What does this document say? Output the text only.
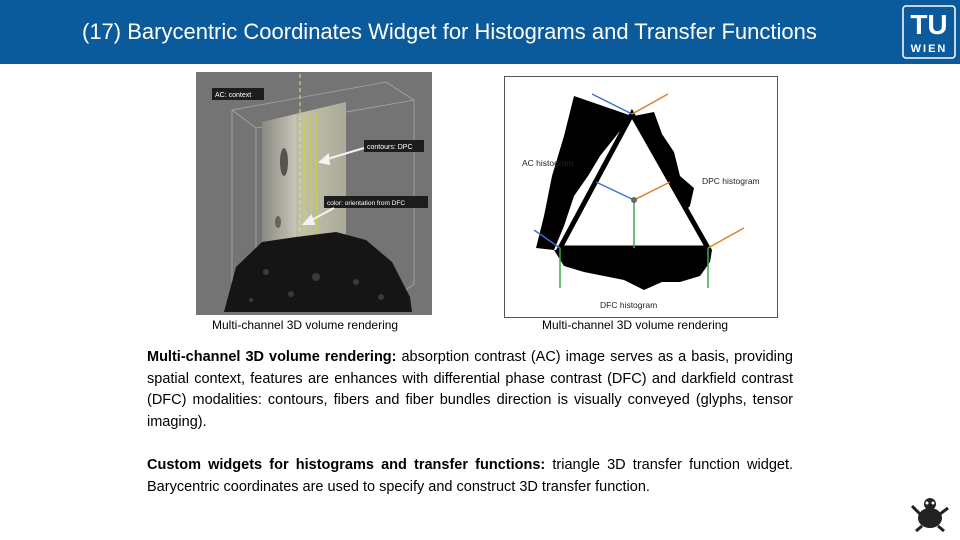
(17) Barycentric Coordinates Widget for Histograms and Transfer Functions	TU
WIEN
AC: context
contours: DPC
color: orientation from DFC
AC histogram
DPC histogram
DFC histogram
Multi-channel 3D volume rendering	Multi-channel 3D volume rendering
Multi-channel 3D volume rendering: absorption contrast (AC) image serves as a basis, providing spatial context, features are enhances with differential phase contrast (DFC) and darkfield contrast (DFC) modalities: contours, fibers and fiber bundles direction is visually conveyed (glyphs, tensor imaging).
Custom widgets for histograms and transfer functions: triangle 3D transfer function widget. Barycentric coordinates are used to specify and construct 3D transfer function.
